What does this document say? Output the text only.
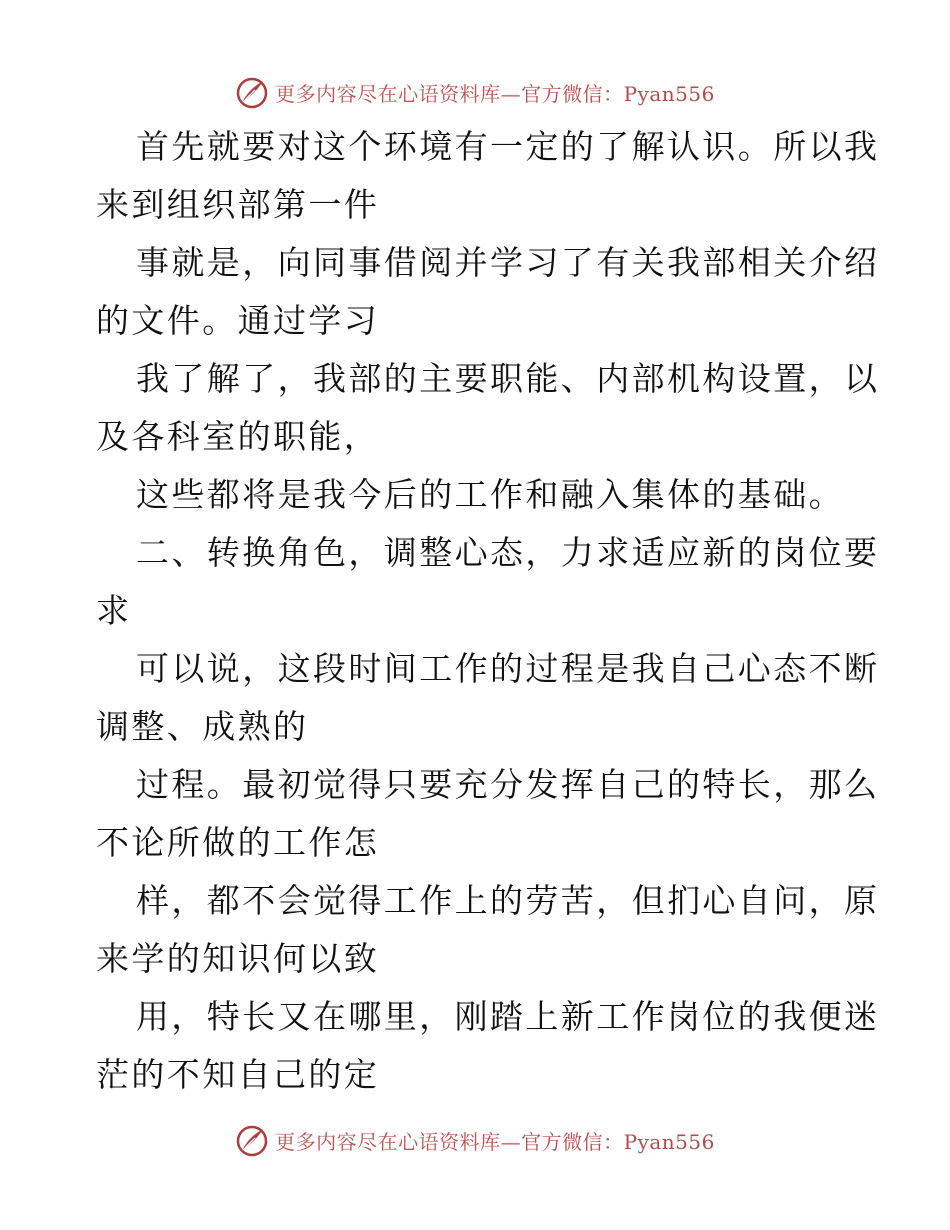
更多内容尽在心语资料库—官方微信：Pyan556
首先就要对这个环境有一定的了解认识。所以我
来到组织部第一件
事就是，向同事借阅并学习了有关我部相关介绍
的文件。通过学习
我了解了，我部的主要职能、内部机构设置，以
及各科室的职能，
这些都将是我今后的工作和融入集体的基础。
二、转换角色，调整心态，力求适应新的岗位要
求
可以说，这段时间工作的过程是我自己心态不断
调整、成熟的
过程。最初觉得只要充分发挥自己的特长，那么
不论所做的工作怎
样，都不会觉得工作上的劳苦，但扪心自问，原
来学的知识何以致
用，特长又在哪里，刚踏上新工作岗位的我便迷
茫的不知自己的定
更多内容尽在心语资料库—官方微信：Pyan556
